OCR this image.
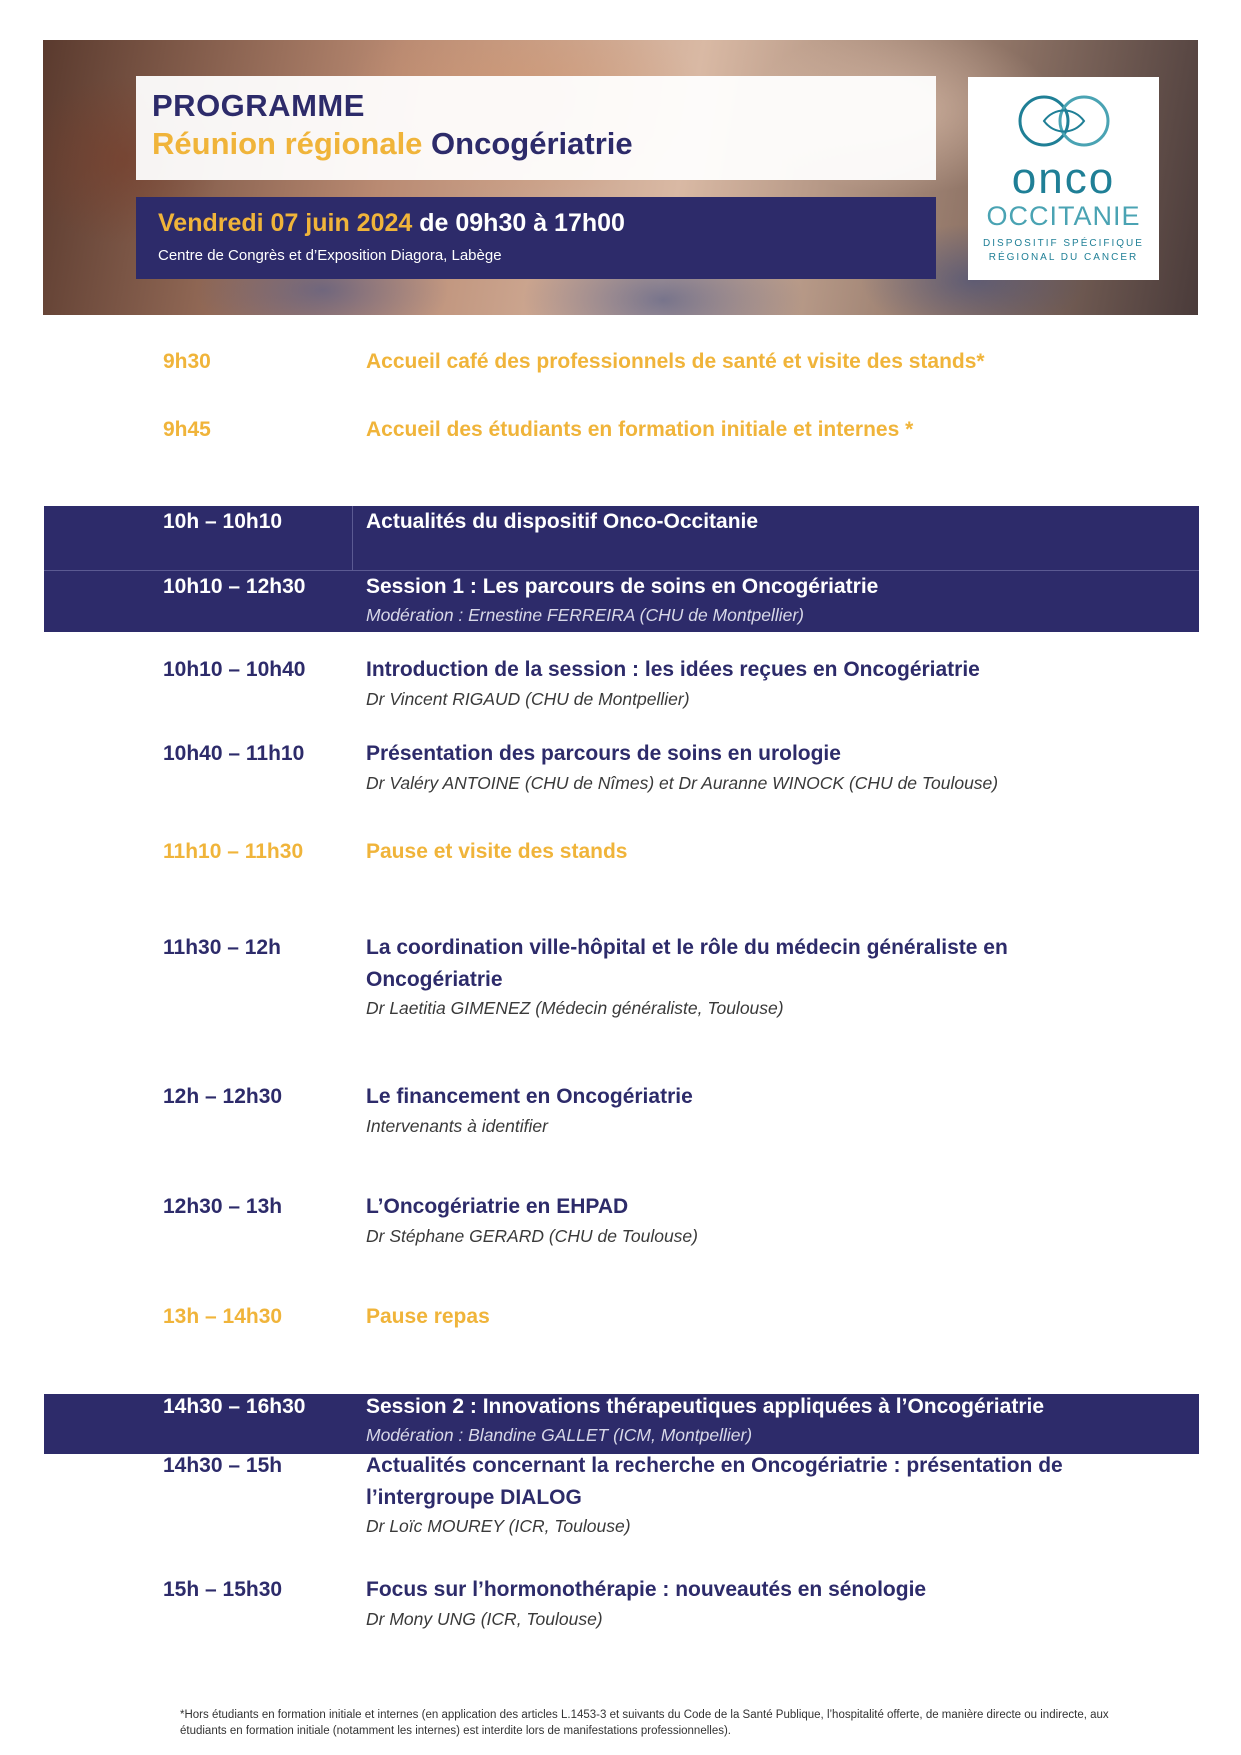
PROGRAMME
Réunion régionale Oncogériatrie
Vendredi 07 juin 2024 de 09h30 à 17h00
Centre de Congrès et d’Exposition Diagora, Labège
onco
OCCITANIE
DISPOSITIF SPÉCIFIQUE
RÉGIONAL DU CANCER
9h30	Accueil café des professionnels de santé et visite des stands*
9h45	Accueil des étudiants en formation initiale et internes *
10h – 10h10	Actualités du dispositif Onco-Occitanie
10h10 – 12h30	Session 1 : Les parcours de soins en Oncogériatrie
Modération : Ernestine FERREIRA (CHU de Montpellier)
10h10 – 10h40	Introduction de la session : les idées reçues en Oncogériatrie
Dr Vincent RIGAUD (CHU de Montpellier)
10h40 – 11h10	Présentation des parcours de soins en urologie
Dr Valéry ANTOINE (CHU de Nîmes) et Dr Auranne WINOCK (CHU de Toulouse)
11h10 – 11h30	Pause et visite des stands
11h30 – 12h	La coordination ville-hôpital et le rôle du médecin généraliste en Oncogériatrie
Dr Laetitia GIMENEZ (Médecin généraliste, Toulouse)
12h – 12h30	Le financement en Oncogériatrie
Intervenants à identifier
12h30 – 13h	L’Oncogériatrie en EHPAD
Dr Stéphane GERARD (CHU de Toulouse)
13h – 14h30	Pause repas
14h30 – 16h30	Session 2 : Innovations thérapeutiques appliquées à l’Oncogériatrie
Modération : Blandine GALLET (ICM, Montpellier)
14h30 – 15h	Actualités concernant la recherche en Oncogériatrie : présentation de l’intergroupe DIALOG
Dr Loïc MOUREY (ICR, Toulouse)
15h – 15h30	Focus sur l’hormonothérapie : nouveautés en sénologie
Dr Mony UNG (ICR, Toulouse)
*Hors étudiants en formation initiale et internes (en application des articles L.1453-3 et suivants du Code de la Santé Publique, l’hospitalité offerte, de manière directe ou indirecte, aux étudiants en formation initiale (notamment les internes) est interdite lors de manifestations professionnelles).
